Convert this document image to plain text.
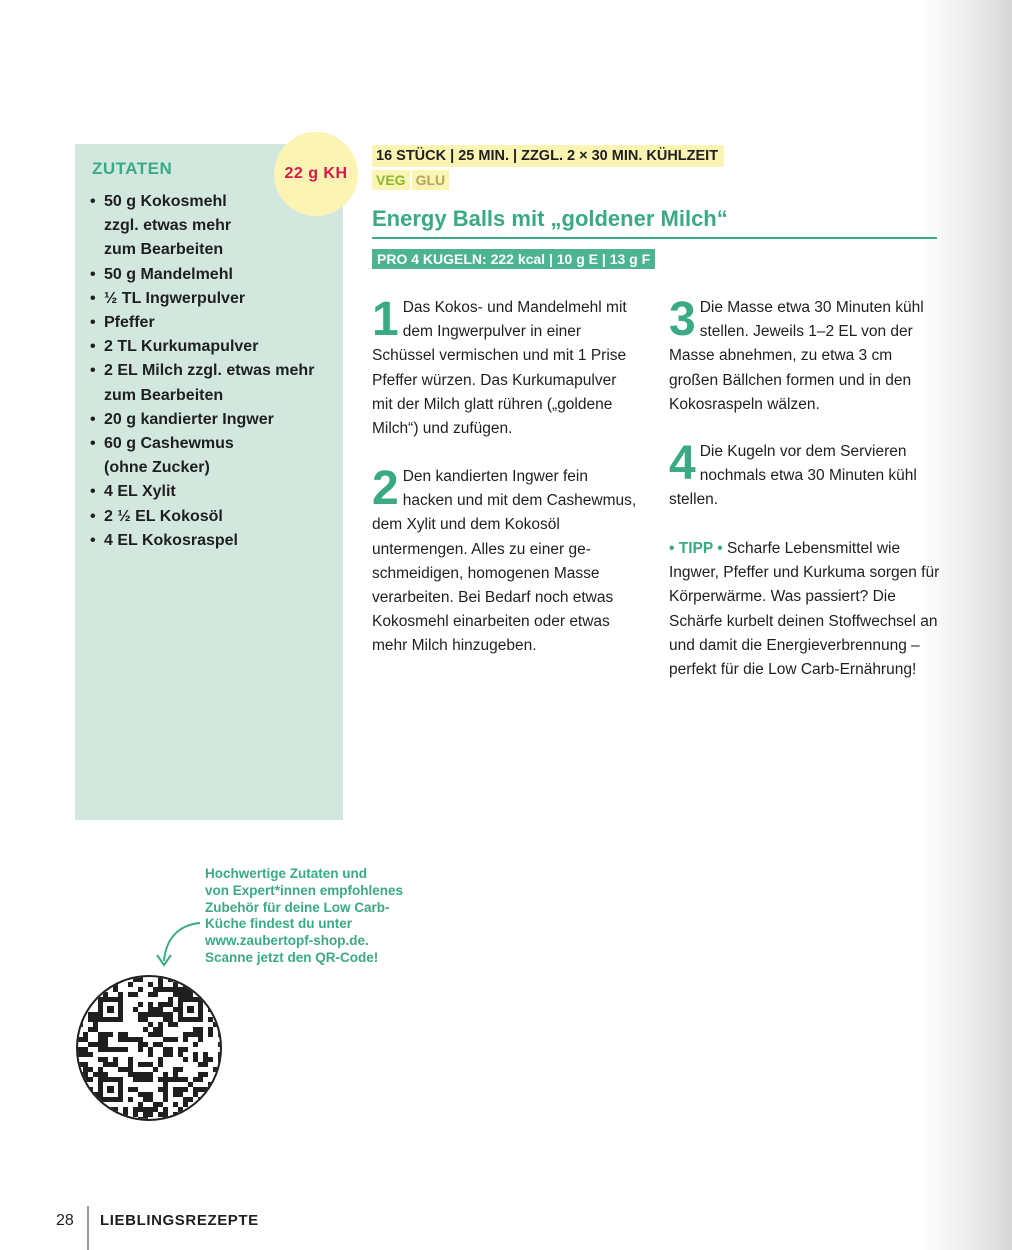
ZUTATEN
• 50 g Kokosmehl
zzgl. etwas mehr
zum Bearbeiten
• 50 g Mandelmehl
• ½ TL Ingwerpulver
• Pfeffer
• 2 TL Kurkumapulver
• 2 EL Milch zzgl. etwas mehr
zum Bearbeiten
• 20 g kandierter Ingwer
• 60 g Cashewmus
(ohne Zucker)
• 4 EL Xylit
• 2 ½ EL Kokosöl
• 4 EL Kokosraspel
22 g KH
16 STÜCK | 25 MIN. | ZZGL. 2 × 30 MIN. KÜHLZEIT
VEG GLU
Energy Balls mit „goldener Milch“
PRO 4 KUGELN: 222 kcal | 10 g E | 13 g F
1 Das Kokos- und Mandelmehl mit dem Ingwerpulver in einer Schüssel vermischen und mit 1 Prise Pfeffer würzen. Das Kurkumapulver mit der Milch glatt rühren („goldene Milch“) und zufügen.
2 Den kandierten Ingwer fein hacken und mit dem Cashewmus, dem Xylit und dem Kokosöl untermengen. Alles zu einer geschmeidigen, homogenen Masse verarbeiten. Bei Bedarf noch etwas Kokosmehl einarbeiten oder etwas mehr Milch hinzugeben.
3 Die Masse etwa 30 Minuten kühl stellen. Jeweils 1–2 EL von der Masse abnehmen, zu etwa 3 cm großen Bällchen formen und in den Kokosraspeln wälzen.
4 Die Kugeln vor dem Servieren nochmals etwa 30 Minuten kühl stellen.
• TIPP • Scharfe Lebensmittel wie Ingwer, Pfeffer und Kurkuma sorgen für Körperwärme. Was passiert? Die Schärfe kurbelt deinen Stoffwechsel an und damit die Energieverbrennung – perfekt für die Low Carb-Ernährung!
Hochwertige Zutaten und
von Expert*innen empfohlenes
Zubehör für deine Low Carb-
Küche findest du unter
www.zaubertopf-shop.de.
Scanne jetzt den QR-Code!
28 LIEBLINGSREZEPTE
